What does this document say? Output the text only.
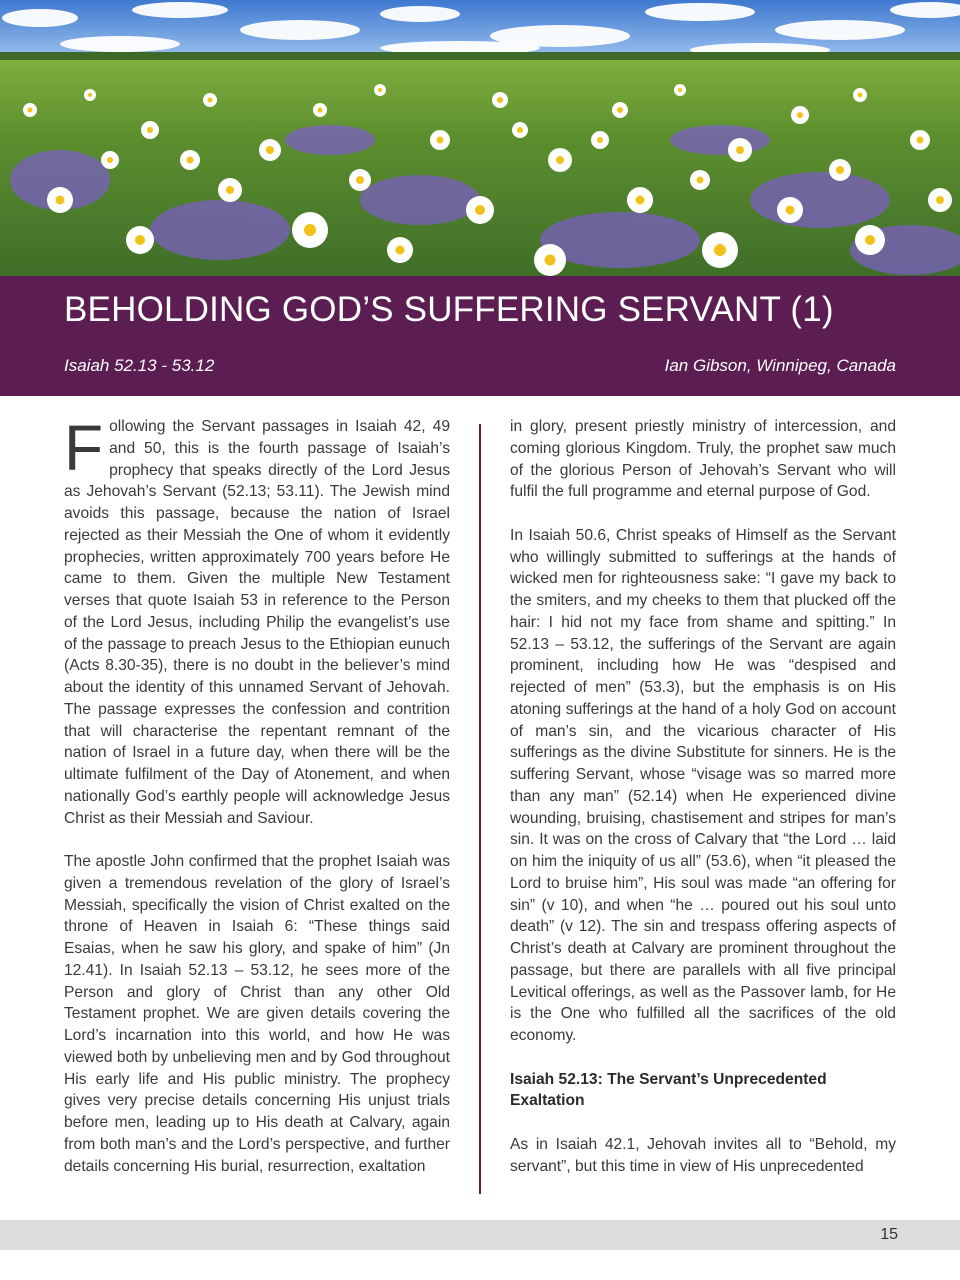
BEHOLDING GOD’S SUFFERING SERVANT (1)
Isaiah 52.13 - 53.12	Ian Gibson, Winnipeg, Canada

Following the Servant passages in Isaiah 42, 49 and 50, this is the fourth passage of Isaiah’s prophecy that speaks directly of the Lord Jesus as Jehovah’s Servant (52.13; 53.11). The Jewish mind avoids this passage, because the nation of Israel rejected as their Messiah the One of whom it evidently prophecies, written approximately 700 years before He came to them. Given the multiple New Testament verses that quote Isaiah 53 in reference to the Person of the Lord Jesus, including Philip the evangelist’s use of the passage to preach Jesus to the Ethiopian eunuch (Acts 8.30-35), there is no doubt in the believer’s mind about the identity of this unnamed Servant of Jehovah. The passage expresses the confession and contrition that will characterise the repentant remnant of the nation of Israel in a future day, when there will be the ultimate fulfilment of the Day of Atonement, and when nationally God’s earthly people will acknowledge Jesus Christ as their Messiah and Saviour.

The apostle John confirmed that the prophet Isaiah was given a tremendous revelation of the glory of Israel’s Messiah, specifically the vision of Christ exalted on the throne of Heaven in Isaiah 6: “These things said Esaias, when he saw his glory, and spake of him” (Jn 12.41). In Isaiah 52.13 – 53.12, he sees more of the Person and glory of Christ than any other Old Testament prophet. We are given details covering the Lord’s incarnation into this world, and how He was viewed both by unbelieving men and by God throughout His early life and His public ministry. The prophecy gives very precise details concerning His unjust trials before men, leading up to His death at Calvary, again from both man’s and the Lord’s perspective, and further details concerning His burial, resurrection, exaltation

in glory, present priestly ministry of intercession, and coming glorious Kingdom. Truly, the prophet saw much of the glorious Person of Jehovah’s Servant who will fulfil the full programme and eternal purpose of God.

In Isaiah 50.6, Christ speaks of Himself as the Servant who willingly submitted to sufferings at the hands of wicked men for righteousness sake: “I gave my back to the smiters, and my cheeks to them that plucked off the hair: I hid not my face from shame and spitting.” In 52.13 – 53.12, the sufferings of the Servant are again prominent, including how He was “despised and rejected of men” (53.3), but the emphasis is on His atoning sufferings at the hand of a holy God on account of man’s sin, and the vicarious character of His sufferings as the divine Substitute for sinners. He is the suffering Servant, whose “visage was so marred more than any man” (52.14) when He experienced divine wounding, bruising, chastisement and stripes for man’s sin. It was on the cross of Calvary that “the Lord … laid on him the iniquity of us all” (53.6), when “it pleased the Lord to bruise him”, His soul was made “an offering for sin” (v 10), and when “he … poured out his soul unto death” (v 12). The sin and trespass offering aspects of Christ’s death at Calvary are prominent throughout the passage, but there are parallels with all five principal Levitical offerings, as well as the Passover lamb, for He is the One who fulfilled all the sacrifices of the old economy.

Isaiah 52.13: The Servant’s Unprecedented Exaltation

As in Isaiah 42.1, Jehovah invites all to “Behold, my servant”, but this time in view of His unprecedented

15
